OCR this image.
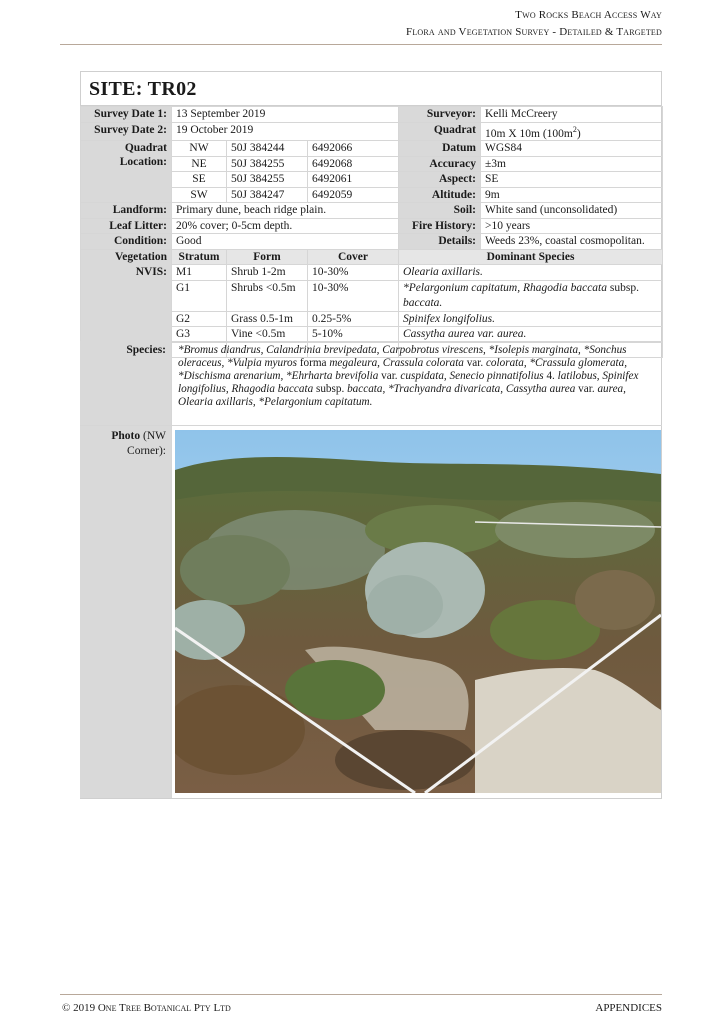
Two Rocks Beach Access Way
Flora and Vegetation Survey - Detailed & Targeted
SITE: TR02
Survey Date 1:	13 September 2019			Surveyor:	Kelli McCreery
Survey Date 2:	19 October 2019			Quadrat	10m X 10m $(100m^2)$
Quadrat
Location:	NW	50J 384244	6492066	Datum	WGS84
	NE	50J 384255	6492068	Accuracy	±3m
	SE	50J 384255	6492061	Aspect:	SE
	SW	50J 384247	6492059	Altitude:	9m
Landform:	Primary dune, beach ridge plain.			Soil:	White sand (unconsolidated)
Leaf Litter:	20% cover; 0-5cm depth.			Fire History:	>10 years
Condition:	Good			Details:	Weeds 23%, coastal cosmopolitan.
Vegetation
NVIS:	Stratum	Form	Cover	Dominant Species	
	M1	Shrub 1-2m	10-30%	Olearia axillaris.	
	G1	Shrubs <0.5m	10-30%	*Pelargonium capitatum, Rhagodia baccata subsp.
baccata.	
	G2	Grass 0.5-1m	0.25-5%	Spinifex longifolius.	
	G3	Vine <0.5m	5-10%	Cassytha aurea var. aurea.	

Species:	*Bromus diandrus, Calandrinia brevipedata, Carpobrotus virescens, *Isolepis marginata, *Sonchus oleraceus, *Vulpia myuros forma megaleura, Crassula colorata var. colorata, *Crassula glomerata, *Dischisma arenarium, *Ehrharta brevifolia var. cuspidata, Senecio pinnatifolius 4. latilobus, Spinifex longifolius, Rhagodia baccata subsp. baccata, *Trachyandra divaricata, Cassytha aurea var. aurea, Olearia axillaris, *Pelargonium capitatum.
Photo (NW
Corner):
© 2019 One Tree Botanical Pty Ltd	APPENDICES
